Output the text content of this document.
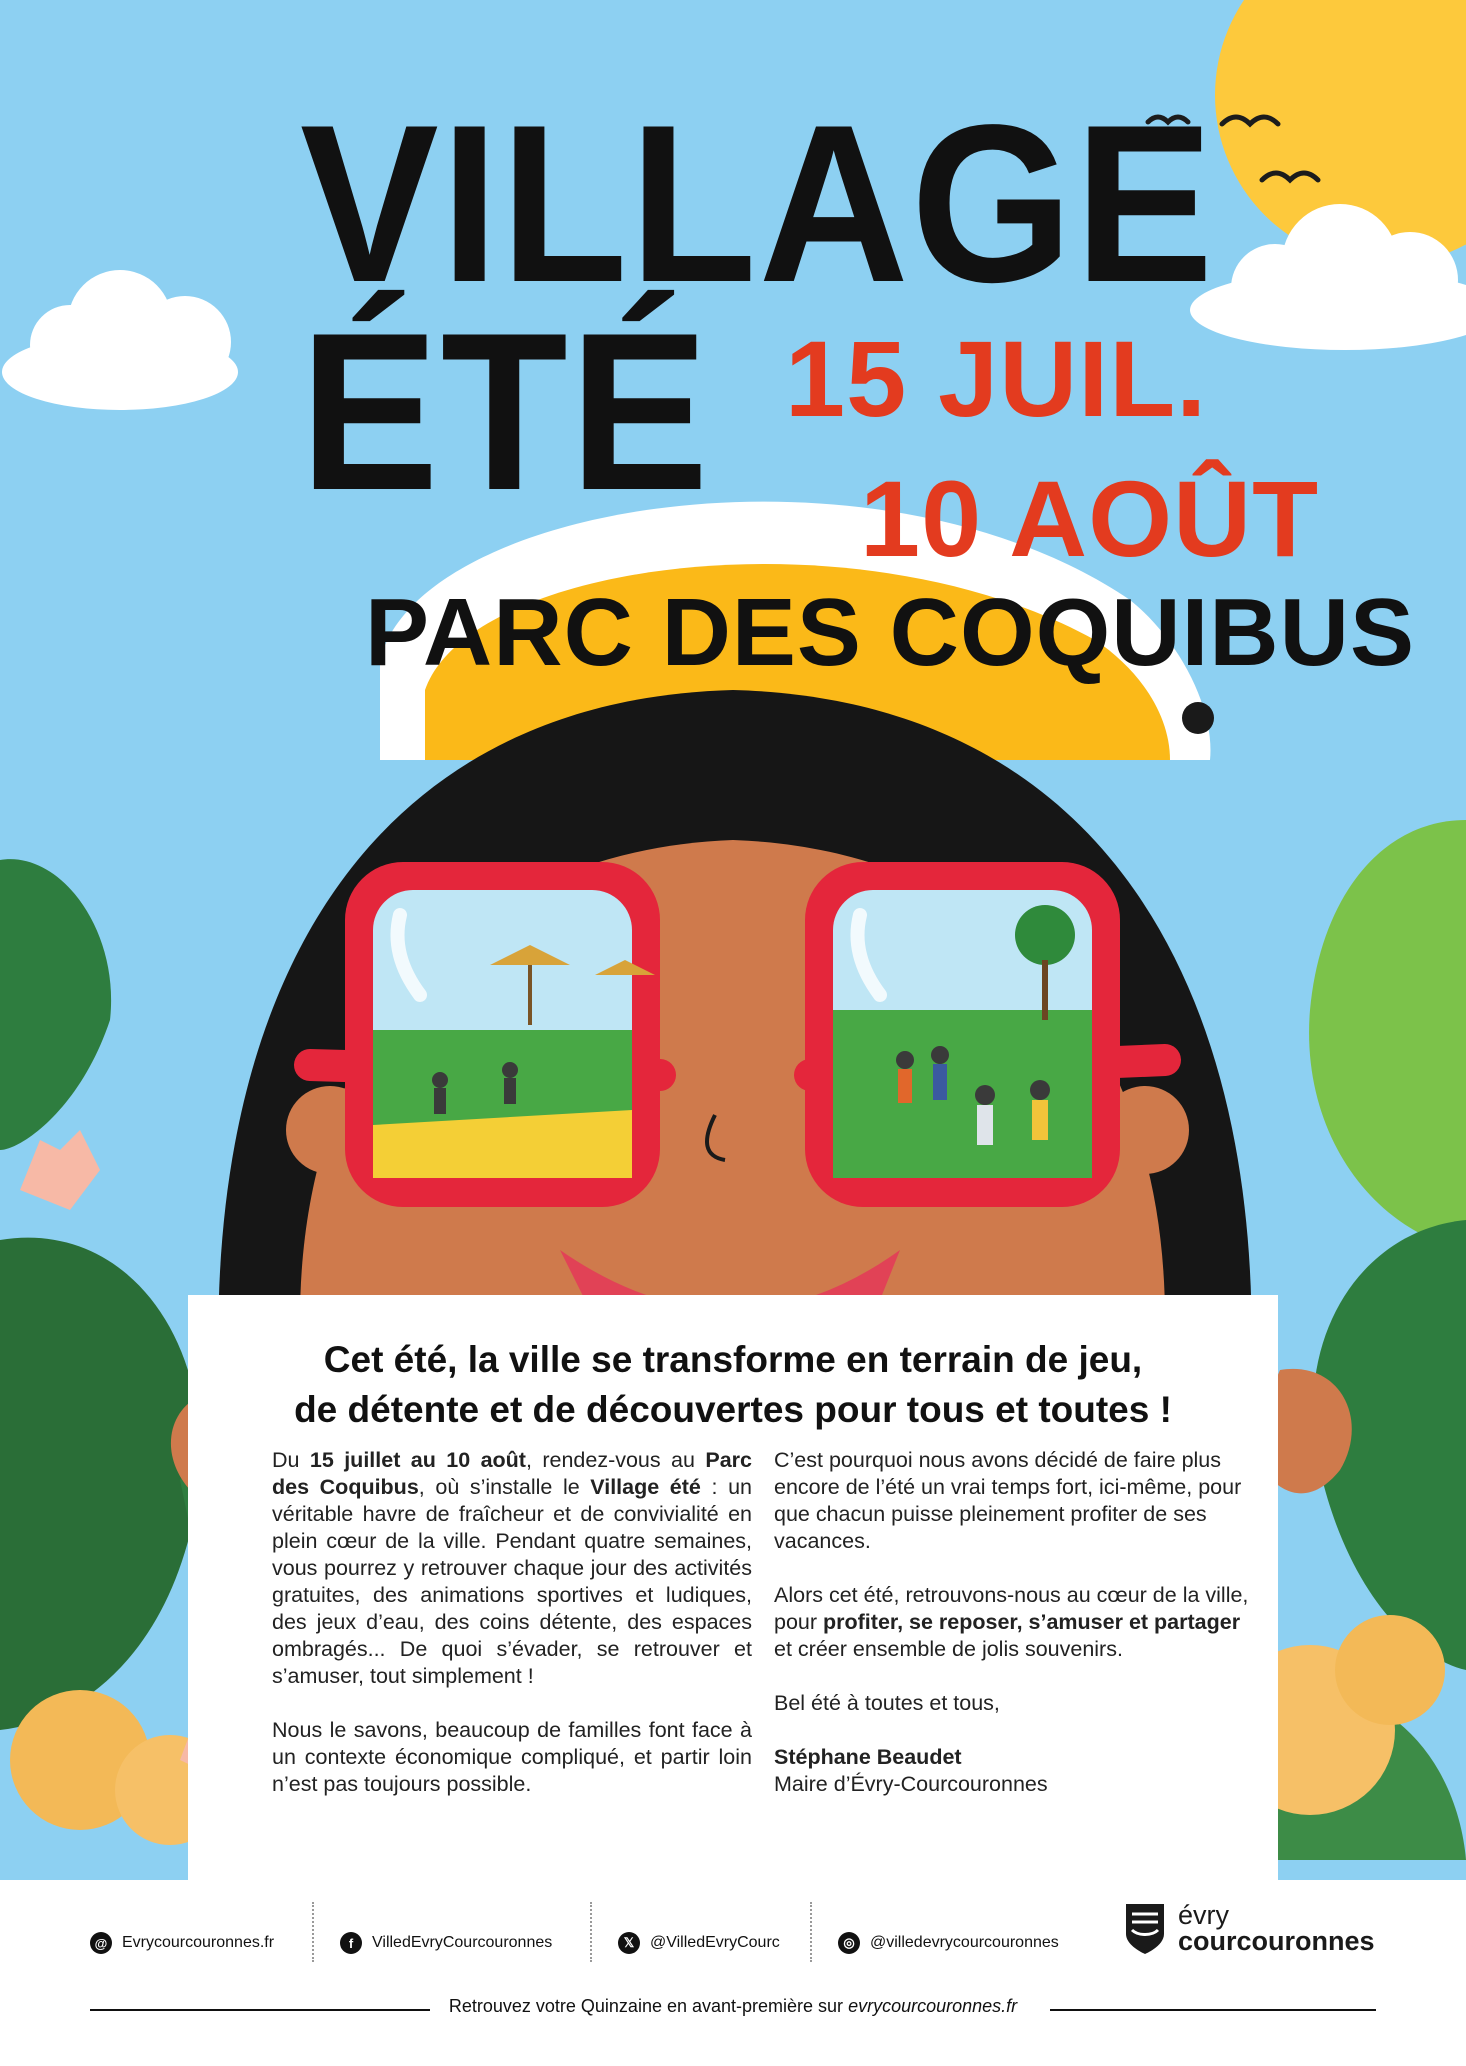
VILLAGE
ÉTÉ 15 JUIL.
10 AOÛT
PARC DES COQUIBUS
Cet été, la ville se transforme en terrain de jeu,
de détente et de découvertes pour tous et toutes !

Du 15 juillet au 10 août, rendez-vous au Parc des Coquibus, où s’installe le Village été : un véritable havre de fraîcheur et de convivialité en plein cœur de la ville. Pendant quatre semaines, vous pourrez y retrouver chaque jour des activités gratuites, des animations sportives et ludiques, des jeux d’eau, des coins détente, des espaces ombragés... De quoi s’évader, se retrouver et s’amuser, tout simplement !

Nous le savons, beaucoup de familles font face à un contexte économique compliqué, et partir loin n’est pas toujours possible.

C’est pourquoi nous avons décidé de faire plus encore de l’été un vrai temps fort, ici-même, pour que chacun puisse pleinement profiter de ses vacances.

Alors cet été, retrouvons-nous au cœur de la ville, pour profiter, se reposer, s’amuser et partager et créer ensemble de jolis souvenirs.

Bel été à toutes et tous,

Stéphane Beaudet
Maire d’Évry-Courcouronnes
@ Evrycourcouronnes.fr	f	VilledEvryCourcouronnes	𝕏 @VilledEvryCourc	◎ @villedevrycourcouronnes
évry
courcouronnes
Retrouvez votre Quinzaine en avant-première sur evrycourcouronnes.fr
